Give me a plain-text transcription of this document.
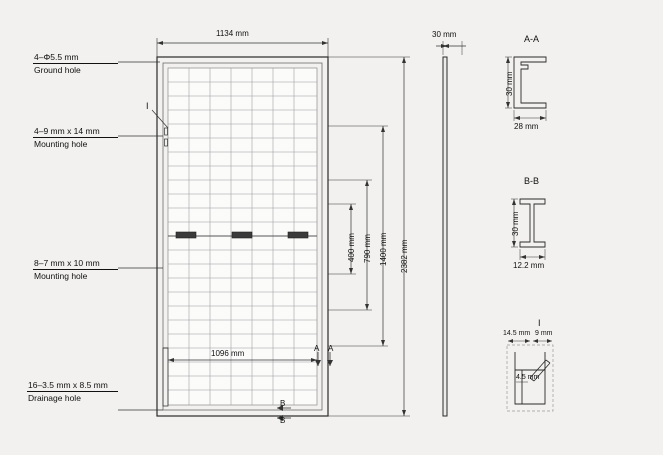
4–Φ5.5 mm
Ground hole
4–9 mm x 14 mm
Mounting hole
8–7 mm x 10 mm
Mounting hole
16–3.5 mm x 8.5 mm
Drainage hole
1134 mm
1096 mm
2382 mm
1400 mm
790 mm
400 mm
I
A A
B
B
30 mm	A-A
30 mm
28 mm
B-B
30 mm
12.2 mm
I
14.5 mm 9 mm
4.5 mm
